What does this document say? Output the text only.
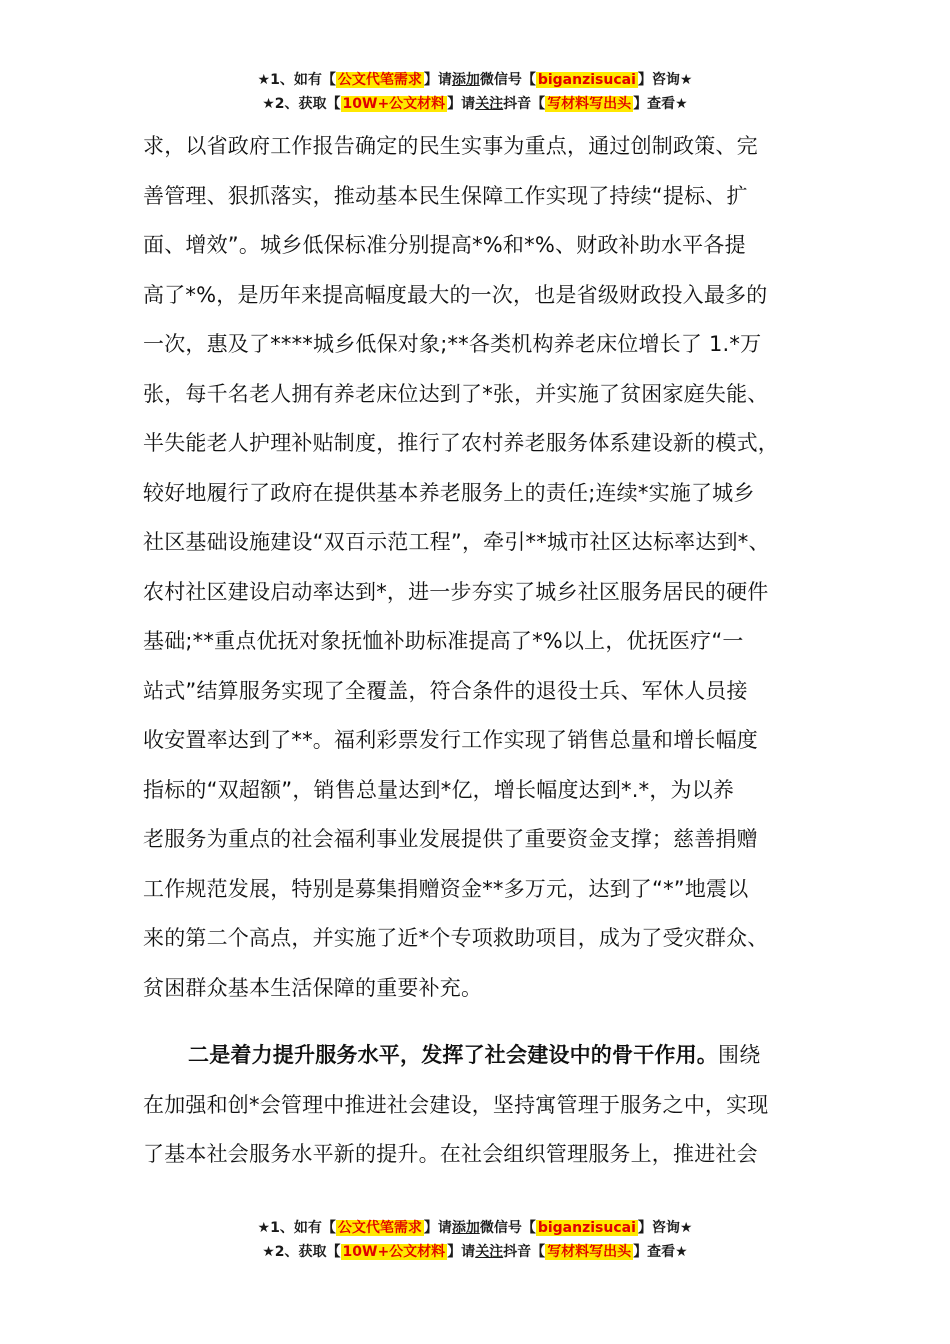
★1、如有【 公文代笔需求 】请添加微信号【 biganzisucai 】咨询★
★2、获取【 10W+公文材料 】请关注抖音【 写材料写出头 】查看★
求，以省政府工作报告确定的民生实事为重点，通过创制政策、完
善管理、狠抓落实，推动基本民生保障工作实现了持续“提标、扩
面、增效”。城乡低保标准分别提高*%和*%、财政补助水平各提
高了*%，是历年来提高幅度最大的一次，也是省级财政投入最多的
一次，惠及了****城乡低保对象;**各类机构养老床位增长了 1.*万
张，每千名老人拥有养老床位达到了*张，并实施了贫困家庭失能、
半失能老人护理补贴制度，推行了农村养老服务体系建设新的模式，
较好地履行了政府在提供基本养老服务上的责任;连续*实施了城乡
社区基础设施建设“双百示范工程”，牵引**城市社区达标率达到*、
农村社区建设启动率达到*，进一步夯实了城乡社区服务居民的硬件
基础;**重点优抚对象抚恤补助标准提高了*%以上，优抚医疗“一
站式”结算服务实现了全覆盖，符合条件的退役士兵、军休人员接
收安置率达到了**。福利彩票发行工作实现了销售总量和增长幅度
指标的“双超额”，销售总量达到*亿，增长幅度达到*.*，为以养
老服务为重点的社会福利事业发展提供了重要资金支撑；慈善捐赠
工作规范发展，特别是募集捐赠资金**多万元，达到了“*”地震以
来的第二个高点，并实施了近*个专项救助项目，成为了受灾群众、
贫困群众基本生活保障的重要补充。
二是着力提升服务水平，发挥了社会建设中的骨干作用。围绕
在加强和创*会管理中推进社会建设，坚持寓管理于服务之中，实现
了基本社会服务水平新的提升。在社会组织管理服务上，推进社会
★1、如有【 公文代笔需求 】请添加微信号【 biganzisucai 】咨询★
★2、获取【 10W+公文材料 】请关注抖音【 写材料写出头 】查看★
